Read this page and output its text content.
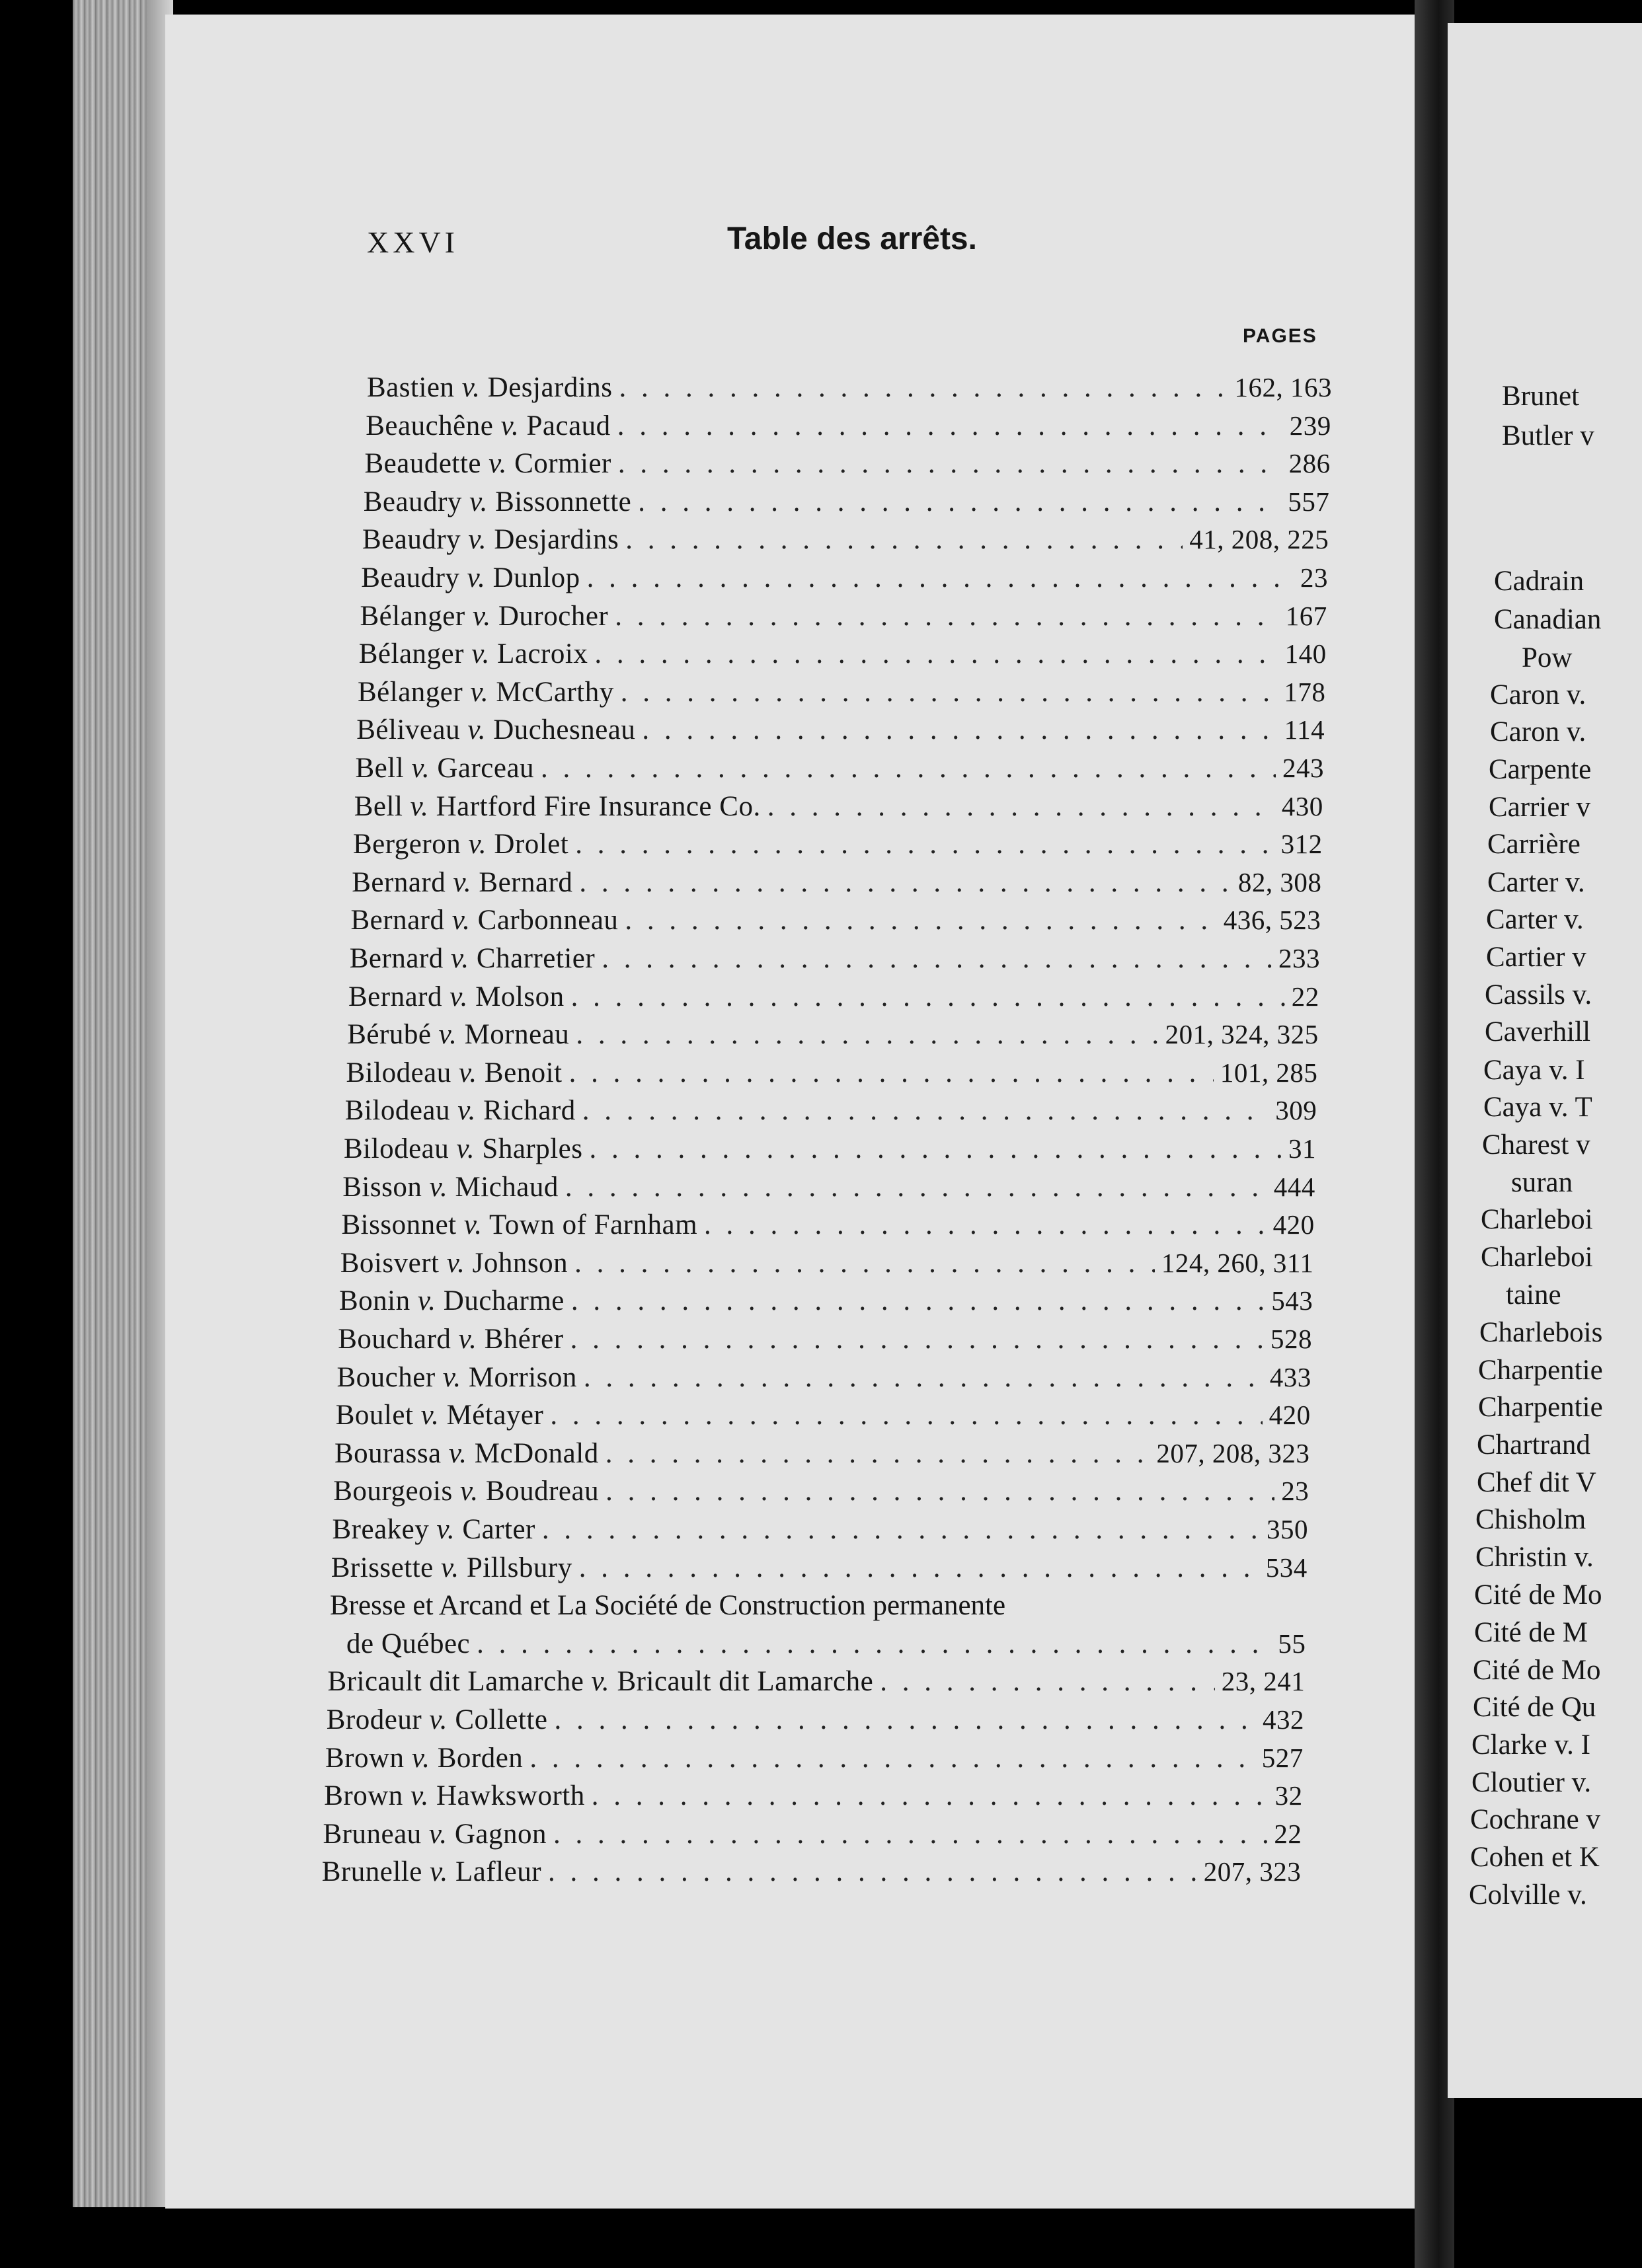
XXVI	Table des arrêts.
PAGES
Bastien v. Desjardins . . .	162, 163
Beauchêne v. Pacaud . . .	239
Beaudette v. Cormier . . .	286
Beaudry v. Bissonnette . . .	557
Beaudry v. Desjardins . . .	41, 208, 225
Beaudry v. Dunlop . . .	23
Bélanger v. Durocher . . .	167
Bélanger v. Lacroix . . .	140
Bélanger v. McCarthy . . .	178
Béliveau v. Duchesneau . . .	114
Bell v. Garceau . . .	243
Bell v. Hartford Fire Insurance Co. . . .	430
Bergeron v. Drolet . . .	312
Bernard v. Bernard . . .	82, 308
Bernard v. Carbonneau . . .	436, 523
Bernard v. Charretier . . .	233
Bernard v. Molson . . .	22
Bérubé v. Morneau . . .	201, 324, 325
Bilodeau v. Benoit . . .	101, 285
Bilodeau v. Richard . . .	309
Bilodeau v. Sharples . . .	31
Bisson v. Michaud . . .	444
Bissonnet v. Town of Farnham . . .	420
Boisvert v. Johnson . . .	124, 260, 311
Bonin v. Ducharme . . .	543
Bouchard v. Bhérer . . .	528
Boucher v. Morrison . . .	433
Boulet v. Métayer . . .	420
Bourassa v. McDonald . . .	207, 208, 323
Bourgeois v. Boudreau . . .	23
Breakey v. Carter . . .	350
Brissette v. Pillsbury . . .	534
Bresse et Arcand et La Société de Construction permanente
de Québec . . .	55
Bricault dit Lamarche v. Bricault dit Lamarche . . .	23, 241
Brodeur v. Collette . . .	432
Brown v. Borden . . .	527
Brown v. Hawksworth . . .	32
Bruneau v. Gagnon . . .	22
Brunelle v. Lafleur . . .	207, 323
Brunet
Butler v
Cadrain
Canadian
Pow
Caron v.
Caron v.
Carpente
Carrier v
Carrière
Carter v.
Carter v.
Cartier v
Cassils v.
Caverhill
Caya v. I
Caya v. T
Charest v
suran
Charleboi
Charleboi
taine
Charlebois
Charpentie
Charpentie
Chartrand
Chef dit V
Chisholm
Christin v.
Cité de Mo
Cité de M
Cité de Mo
Cité de Qu
Clarke v. I
Cloutier v.
Cochrane v
Cohen et K
Colville v.
